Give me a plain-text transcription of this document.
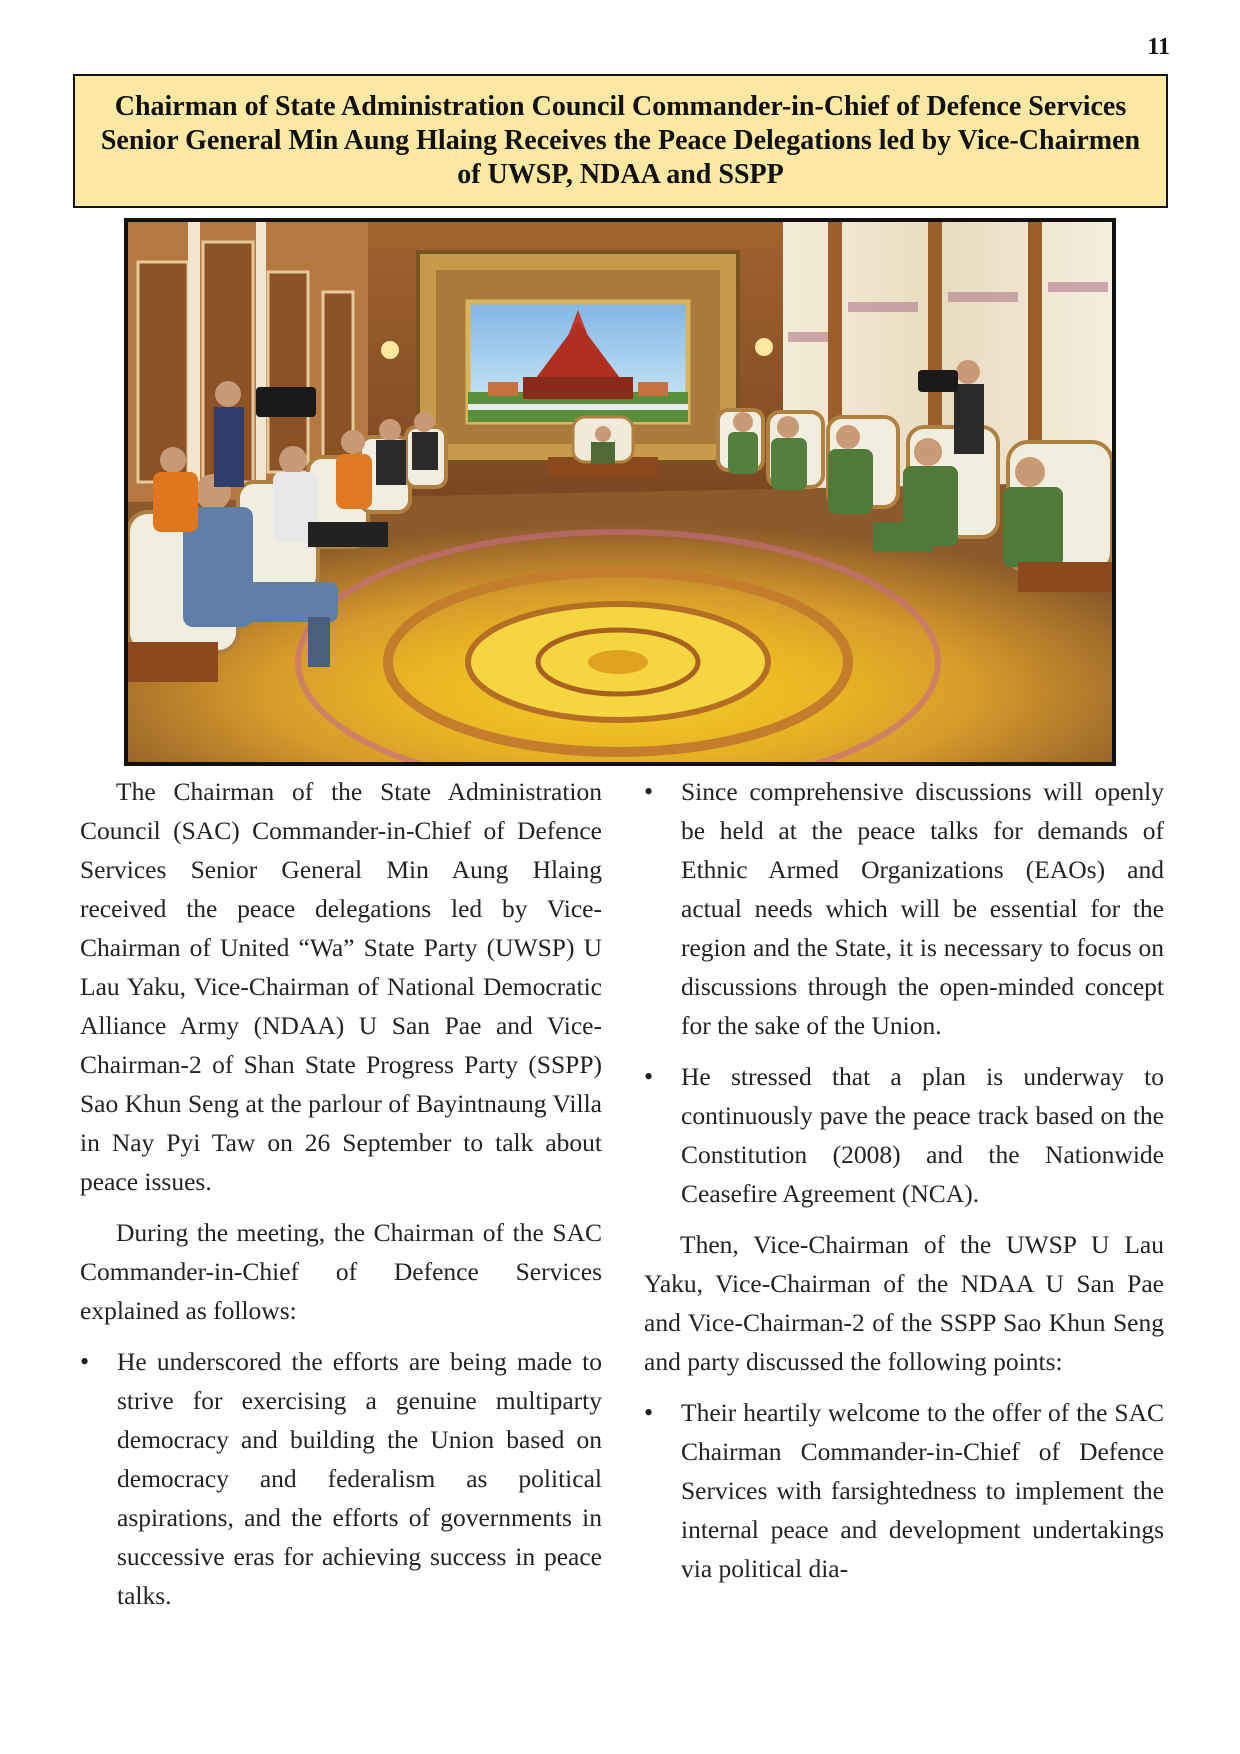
11
Chairman of State Administration Council Commander-in-Chief of Defence Services Senior General Min Aung Hlaing Receives the Peace Delegations led by Vice-Chairmen of UWSP, NDAA and SSPP

The Chairman of the State Administration Council (SAC) Commander-in-Chief of Defence Services Senior General Min Aung Hlaing received the peace delegations led by Vice-Chairman of United “Wa” State Party (UWSP) U Lau Yaku, Vice-Chairman of National Democratic Alliance Army (NDAA) U San Pae and Vice-Chairman-2 of Shan State Progress Party (SSPP) Sao Khun Seng at the parlour of Bayintnaung Villa in Nay Pyi Taw on 26 September to talk about peace issues.

During the meeting, the Chairman of the SAC Commander-in-Chief of Defence Services explained as follows:

• He underscored the efforts are being made to strive for exercising a genuine multiparty democracy and building the Union based on democracy and federalism as political aspirations, and the efforts of governments in successive eras for achieving success in peace talks.
• Since comprehensive discussions will openly be held at the peace talks for demands of Ethnic Armed Organizations (EAOs) and actual needs which will be essential for the region and the State, it is necessary to focus on discussions through the open-minded concept for the sake of the Union.
• He stressed that a plan is underway to continuously pave the peace track based on the Constitution (2008) and the Nationwide Ceasefire Agreement (NCA).

Then, Vice-Chairman of the UWSP U Lau Yaku, Vice-Chairman of the NDAA U San Pae and Vice-Chairman-2 of the SSPP Sao Khun Seng and party discussed the following points:

• Their heartily welcome to the offer of the SAC Chairman Commander-in-Chief of Defence Services with farsightedness to implement the internal peace and development undertakings via political dia-
